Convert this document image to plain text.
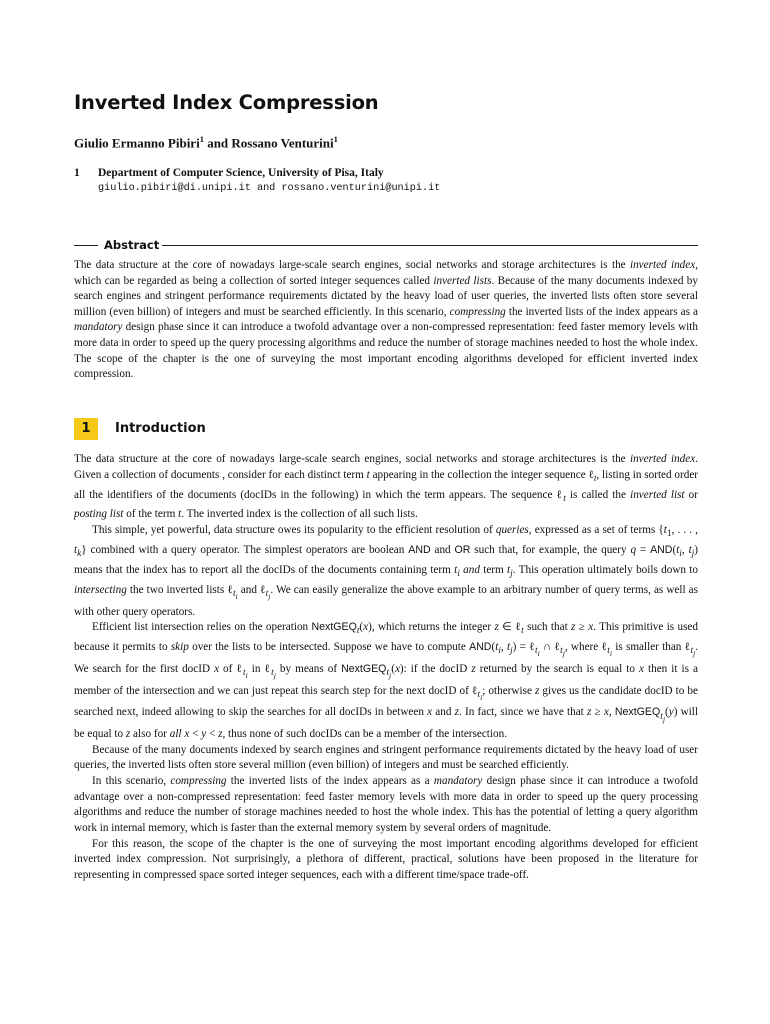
Inverted Index Compression
Giulio Ermanno Pibiri$^1$ and Rossano Venturini$^1$
1 Department of Computer Science, University of Pisa, Italy
giulio.pibiri@di.unipi.it and rossano.venturini@unipi.it
Abstract

The data structure at the core of nowadays large-scale search engines, social networks and storage architectures is the inverted index, which can be regarded as being a collection of sorted integer sequences called inverted lists. Because of the many documents indexed by search engines and stringent performance requirements dictated by the heavy load of user queries, the inverted lists often store several million (even billion) of integers and must be searched efficiently. In this scenario, compressing the inverted lists of the index appears as a mandatory design phase since it can introduce a twofold advantage over a non-compressed representation: feed faster memory levels with more data in order to speed up the query processing algorithms and reduce the number of storage machines needed to host the whole index.

The scope of the chapter is the one of surveying the most important encoding algorithms developed for efficient inverted index compression.

1	Introduction

The data structure at the core of nowadays large-scale search engines, social networks and storage architectures is the inverted index. Given a collection of documents , consider for each distinct term t appearing in the collection the integer sequence ℓ$_t$, listing in sorted order all the identifiers of the documents (docIDs in the following) in which the term appears. The sequence ℓ$_t$ is called the inverted list or posting list of the term t. The inverted index is the collection of all such lists.

This simple, yet powerful, data structure owes its popularity to the efficient resolution of queries, expressed as a set of terms {$t_1$, . . . , $t_k$} combined with a query operator. The simplest operators are boolean AND and OR such that, for example, the query $q = AND(t_i$, $t_j$) means that the index has to report all the docIDs of the documents containing term $t_i$ and term $t_j$. This operation ultimately boils down to intersecting the two inverted lists ℓ$_{t_i}$ and ℓ$_{t_j}$. We can easily generalize the above example to an arbitrary number of query terms, as well as with other query operators.

Efficient list intersection relies on the operation NextGEQ$_t$(x), which returns the integer z ∈ ℓ$_t$ such that z ≥ x. This primitive is used because it permits to skip over the lists to be intersected. Suppose we have to compute $AND(t_i$, $t_j$) = ℓ$_{t_i}$ ∩ ℓ$_{t_j}$, where ℓ$_{t_i}$ is smaller than ℓ$_{t_j}$. We search for the first docID x of ℓ$_{t_i}$ in ℓ$_{t_j}$ by means of NextGEQ$_{t_j}$(x): if the docID z returned by the search is equal to x then it is a member of the intersection and we can just repeat this search step for the next docID of ℓ$_{t_i}$; otherwise z gives us the candidate docID to be searched next, indeed allowing to skip the searches for all docIDs in between x and z. In fact, since we have that z ≥ x, NextGEQ$_{t_j}$(y) will be equal to z also for all x < y < z, thus none of such docIDs can be a member of the intersection.

Because of the many documents indexed by search engines and stringent performance requirements dictated by the heavy load of user queries, the inverted lists often store several million (even billion) of integers and must be searched efficiently.

In this scenario, compressing the inverted lists of the index appears as a mandatory design phase since it can introduce a twofold advantage over a non-compressed representation: feed faster memory levels with more data in order to speed up the query processing algorithms and reduce the number of storage machines needed to host the whole index. This has the potential of letting a query algorithm work in internal memory, which is faster than the external memory system by several orders of magnitude.

For this reason, the scope of the chapter is the one of surveying the most important encoding algorithms developed for efficient inverted index compression. Not surprisingly, a plethora of different, practical, solutions have been proposed in the literature for representing in compressed space sorted integer sequences, each with a different time/space trade-off.
